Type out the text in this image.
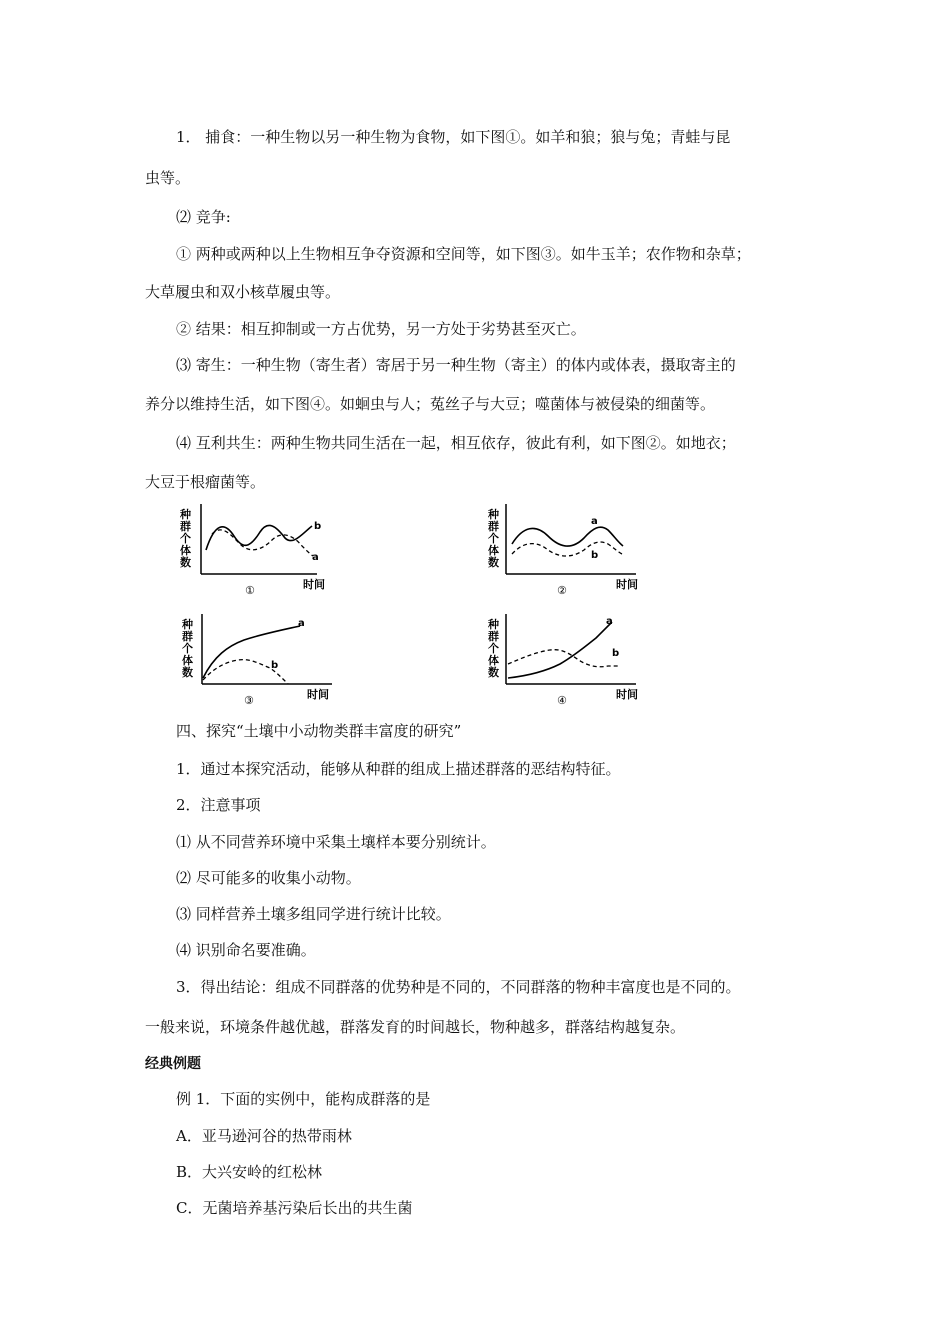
1． 捕食：一种生物以另一种生物为食物，如下图①。如羊和狼；狼与兔；青蛙与昆
虫等。
⑵ 竞争:
① 两种或两种以上生物相互争夺资源和空间等，如下图③。如牛玉羊；农作物和杂草；
大草履虫和双小核草履虫等。
② 结果：相互抑制或一方占优势，另一方处于劣势甚至灭亡。
⑶ 寄生：一种生物（寄生者）寄居于另一种生物（寄主）的体内或体表，摄取寄主的
养分以维持生活，如下图④。如蛔虫与人；菟丝子与大豆；噬菌体与被侵染的细菌等。
⑷ 互利共生：两种生物共同生活在一起，相互依存，彼此有利，如下图②。如地衣；
大豆于根瘤菌等。
种
群
个
体
数
b
a
时间
①
种
群
个
体
数
a
b
时间
②
种
群
个
体
数
a
b
时间
③
种
群
个
体
数
a
b
时间
④
四、探究“土壤中小动物类群丰富度的研究”
1．通过本探究活动，能够从种群的组成上描述群落的恶结构特征。
2．注意事项
⑴ 从不同营养环境中采集土壤样本要分别统计。
⑵ 尽可能多的收集小动物。
⑶ 同样营养土壤多组同学进行统计比较。
⑷ 识别命名要准确。
3．得出结论：组成不同群落的优势种是不同的，不同群落的物种丰富度也是不同的。
一般来说，环境条件越优越，群落发育的时间越长，物种越多，群落结构越复杂。
经典例题
例 1．下面的实例中，能构成群落的是
A．亚马逊河谷的热带雨林
B．大兴安岭的红松林
C．无菌培养基污染后长出的共生菌
